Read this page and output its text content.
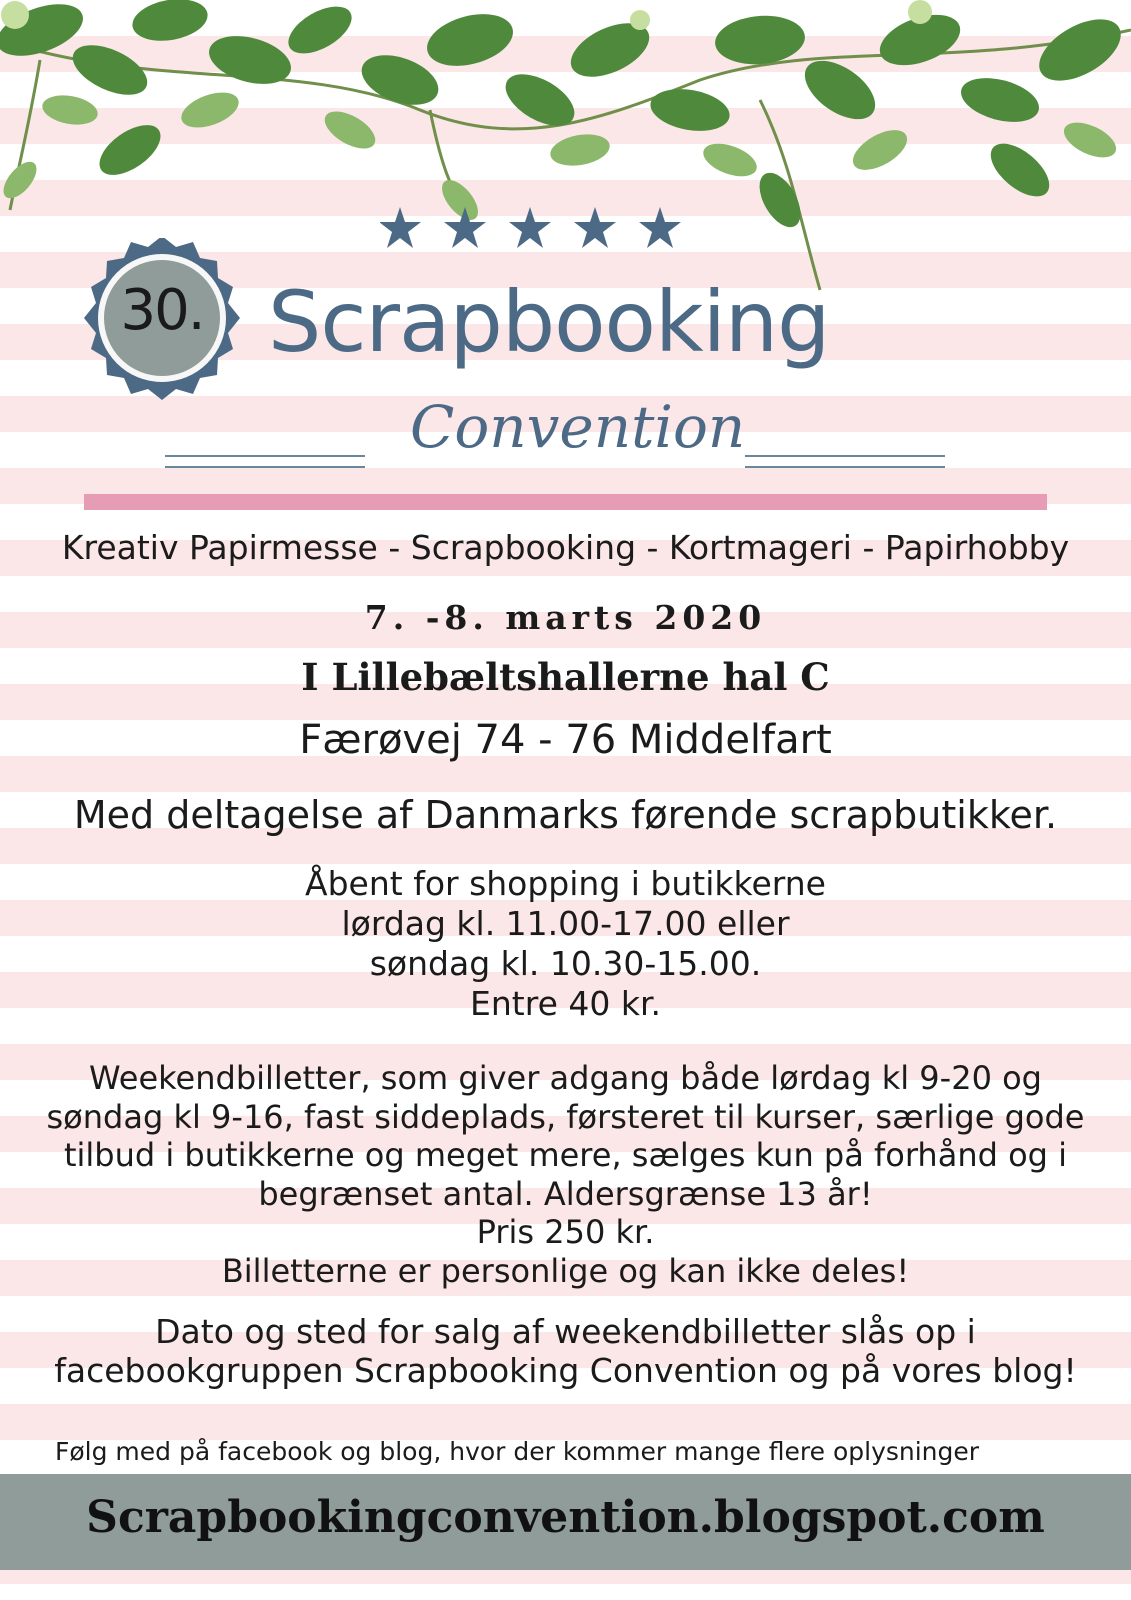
30. Scrapbooking
Convention
Kreativ Papirmesse - Scrapbooking - Kortmageri - Papirhobby
7. -8. marts 2020
I Lillebæltshallerne hal C
Færøvej 74 - 76 Middelfart
Med deltagelse af Danmarks førende scrapbutikker.
Åbent for shopping i butikkerne
lørdag kl. 11.00-17.00 eller
søndag kl. 10.30-15.00.
Entre 40 kr.
Weekendbilletter, som giver adgang både lørdag kl 9-20 og
søndag kl 9-16, fast siddeplads, førsteret til kurser, særlige gode
tilbud i butikkerne og meget mere, sælges kun på forhånd og i
begrænset antal. Aldersgrænse 13 år!
Pris 250 kr.
Billetterne er personlige og kan ikke deles!
Dato og sted for salg af weekendbilletter slås op i
facebookgruppen Scrapbooking Convention og på vores blog!
Følg med på facebook og blog, hvor der kommer mange flere oplysninger
Scrapbookingconvention.blogspot.com
